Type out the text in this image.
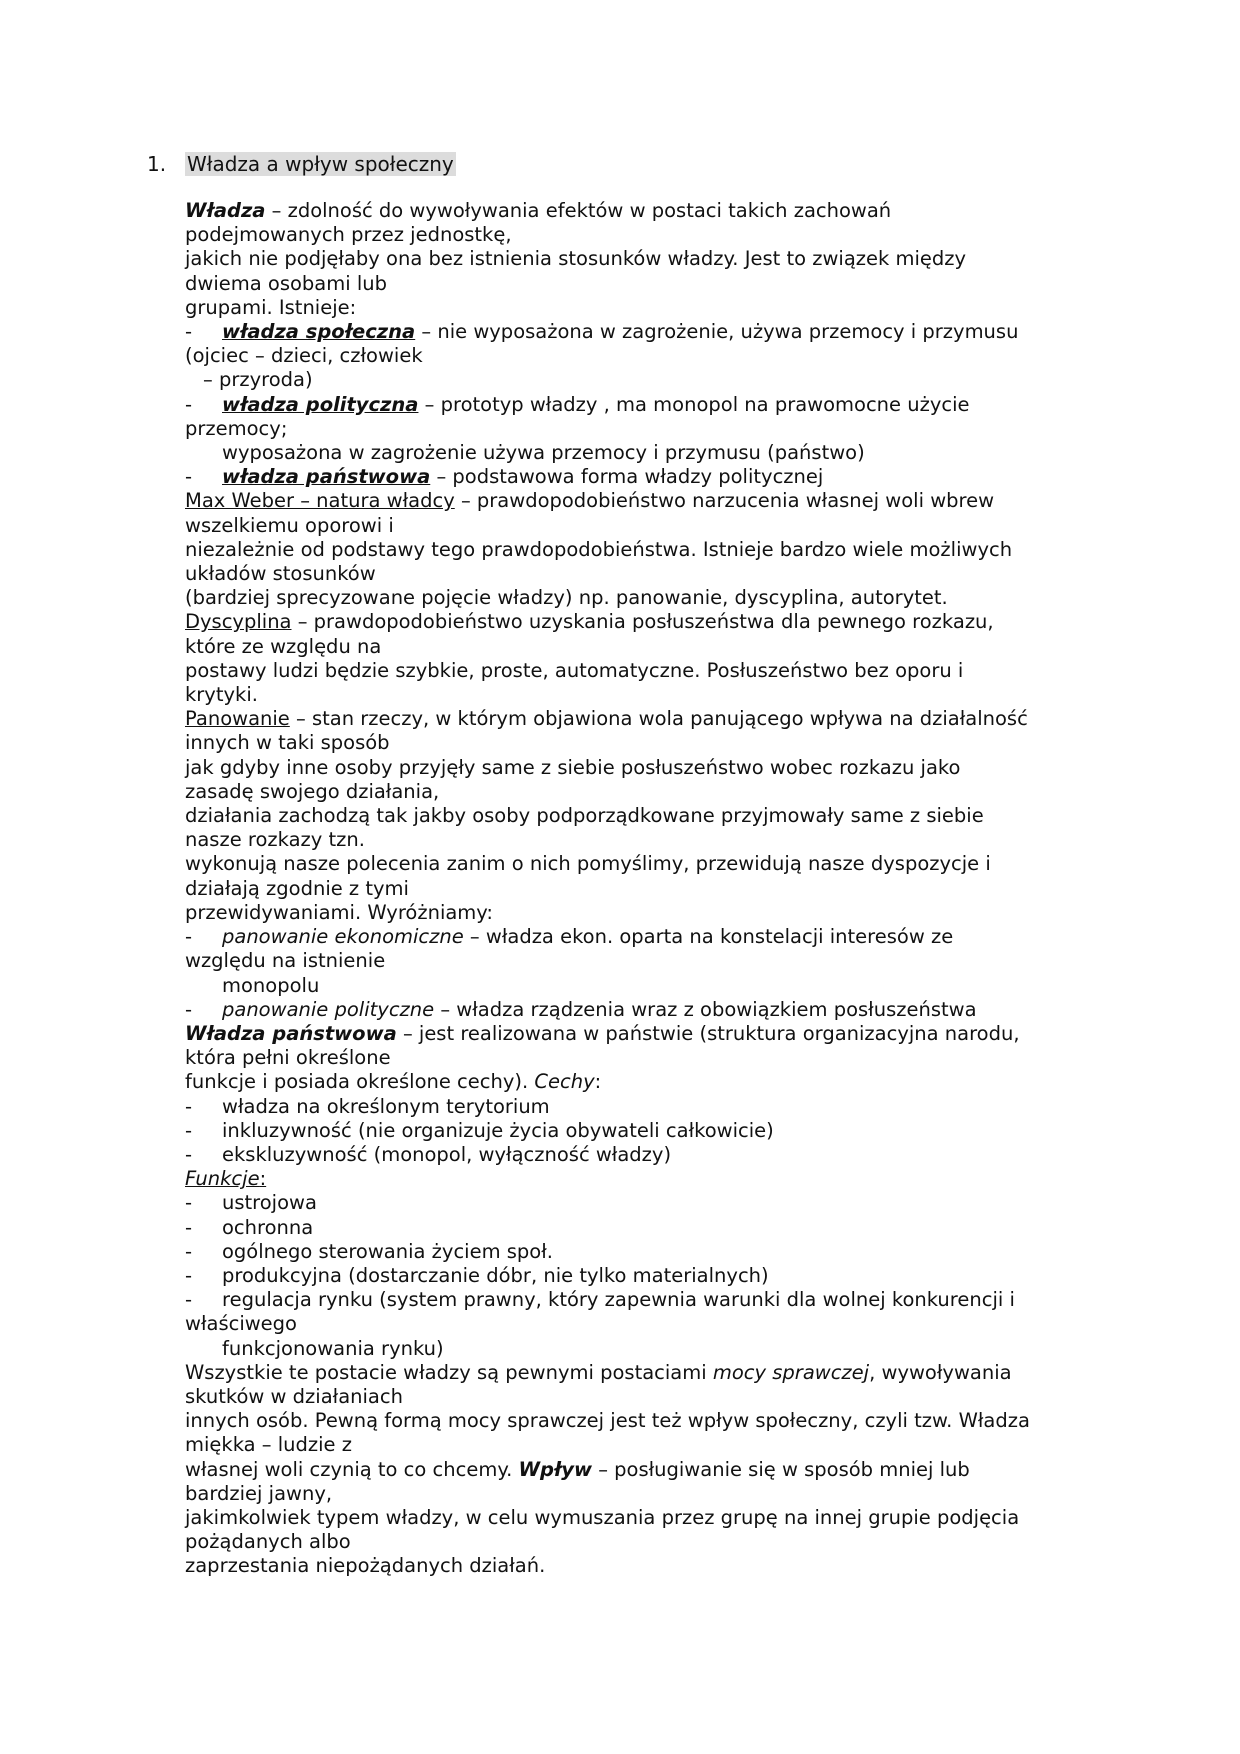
1. Władza a wpływ społeczny

Władza – zdolność do wywoływania efektów w postaci takich zachowań

podejmowanych przez jednostkę,

jakich nie podjęłaby ona bez istnienia stosunków władzy. Jest to związek między

dwiema osobami lub

grupami. Istnieje:

- władza społeczna – nie wyposażona w zagrożenie, używa przemocy i przymusu

(ojciec – dzieci, człowiek

– przyroda)

- władza polityczna – prototyp władzy , ma monopol na prawomocne użycie

przemocy;

wyposażona w zagrożenie używa przemocy i przymusu (państwo)

- władza państwowa – podstawowa forma władzy politycznej

Max Weber – natura władcy – prawdopodobieństwo narzucenia własnej woli wbrew

wszelkiemu oporowi i

niezależnie od podstawy tego prawdopodobieństwa. Istnieje bardzo wiele możliwych

układów stosunków

(bardziej sprecyzowane pojęcie władzy) np. panowanie, dyscyplina, autorytet.

Dyscyplina – prawdopodobieństwo uzyskania posłuszeństwa dla pewnego rozkazu,

które ze względu na

postawy ludzi będzie szybkie, proste, automatyczne. Posłuszeństwo bez oporu i

krytyki.

Panowanie – stan rzeczy, w którym objawiona wola panującego wpływa na działalność

innych w taki sposób

jak gdyby inne osoby przyjęły same z siebie posłuszeństwo wobec rozkazu jako

zasadę swojego działania,

działania zachodzą tak jakby osoby podporządkowane przyjmowały same z siebie

nasze rozkazy tzn.

wykonują nasze polecenia zanim o nich pomyślimy, przewidują nasze dyspozycje i

działają zgodnie z tymi

przewidywaniami. Wyróżniamy:

- panowanie ekonomiczne – władza ekon. oparta na konstelacji interesów ze

względu na istnienie

monopolu

- panowanie polityczne – władza rządzenia wraz z obowiązkiem posłuszeństwa

Władza państwowa – jest realizowana w państwie (struktura organizacyjna narodu,

która pełni określone

funkcje i posiada określone cechy). Cechy:

- władza na określonym terytorium

- inkluzywność (nie organizuje życia obywateli całkowicie)

- ekskluzywność (monopol, wyłączność władzy)

Funkcje:

- ustrojowa

- ochronna

- ogólnego sterowania życiem społ.

- produkcyjna (dostarczanie dóbr, nie tylko materialnych)

- regulacja rynku (system prawny, który zapewnia warunki dla wolnej konkurencji i

właściwego

funkcjonowania rynku)

Wszystkie te postacie władzy są pewnymi postaciami mocy sprawczej, wywoływania

skutków w działaniach

innych osób. Pewną formą mocy sprawczej jest też wpływ społeczny, czyli tzw. Władza

miękka – ludzie z

własnej woli czynią to co chcemy. Wpływ – posługiwanie się w sposób mniej lub

bardziej jawny,

jakimkolwiek typem władzy, w celu wymuszania przez grupę na innej grupie podjęcia

pożądanych albo

zaprzestania niepożądanych działań.
